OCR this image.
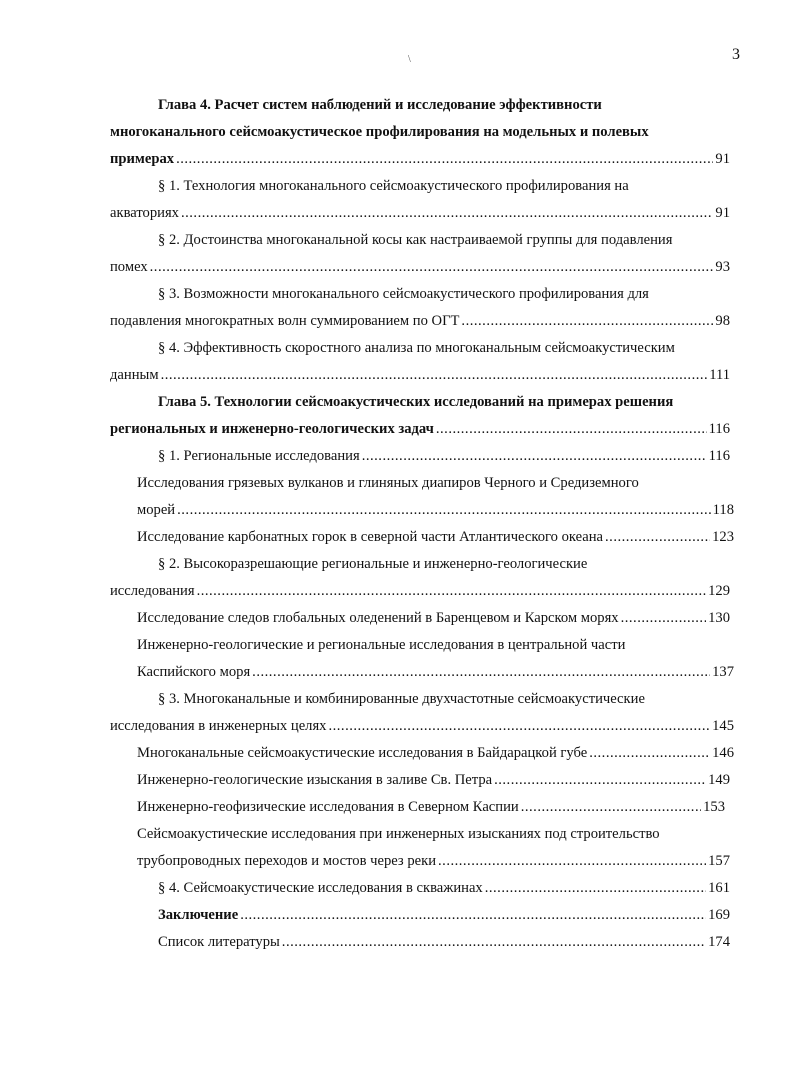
3
\
Глава 4. Расчет систем наблюдений и исследование эффективности
многоканального сейсмоакустическое профилирования на модельных и полевых
примерах .....	91
§ 1. Технология многоканального сейсмоакустического профилирования на
акваториях .....	91
§ 2. Достоинства многоканальной косы как настраиваемой группы для подавления
помех .....	93
§ 3. Возможности многоканального сейсмоакустического профилирования для
подавления многократных волн суммированием по ОГТ .....	98
§ 4. Эффективность скоростного анализа по многоканальным сейсмоакустическим
данным .....	111
Глава 5. Технологии сейсмоакустических исследований на примерах решения
региональных и инженерно-геологических задач .....	116
§ 1. Региональные исследования .....	116
Исследования грязевых вулканов и глиняных диапиров Черного и Средиземного
морей .....	118
Исследование карбонатных горок в северной части Атлантического океана .....	123
§ 2. Высокоразрешающие региональные и инженерно-геологические
исследования .....	129
Исследование следов глобальных оледенений в Баренцевом и Карском морях .....	130
Инженерно-геологические и региональные исследования в центральной части
Каспийского моря .....	137
§ 3. Многоканальные и комбинированные двухчастотные сейсмоакустические
исследования в инженерных целях .....	145
Многоканальные сейсмоакустические исследования в Байдарацкой губе .....	146
Инженерно-геологические изыскания в заливе Св. Петра .....	149
Инженерно-геофизические исследования в Северном Каспии .....	153
Сейсмоакустические исследования при инженерных изысканиях под строительство
трубопроводных переходов и мостов через реки .....	157
§ 4. Сейсмоакустические исследования в скважинах .....	161
Заключение .....	169
Список литературы .....	174
